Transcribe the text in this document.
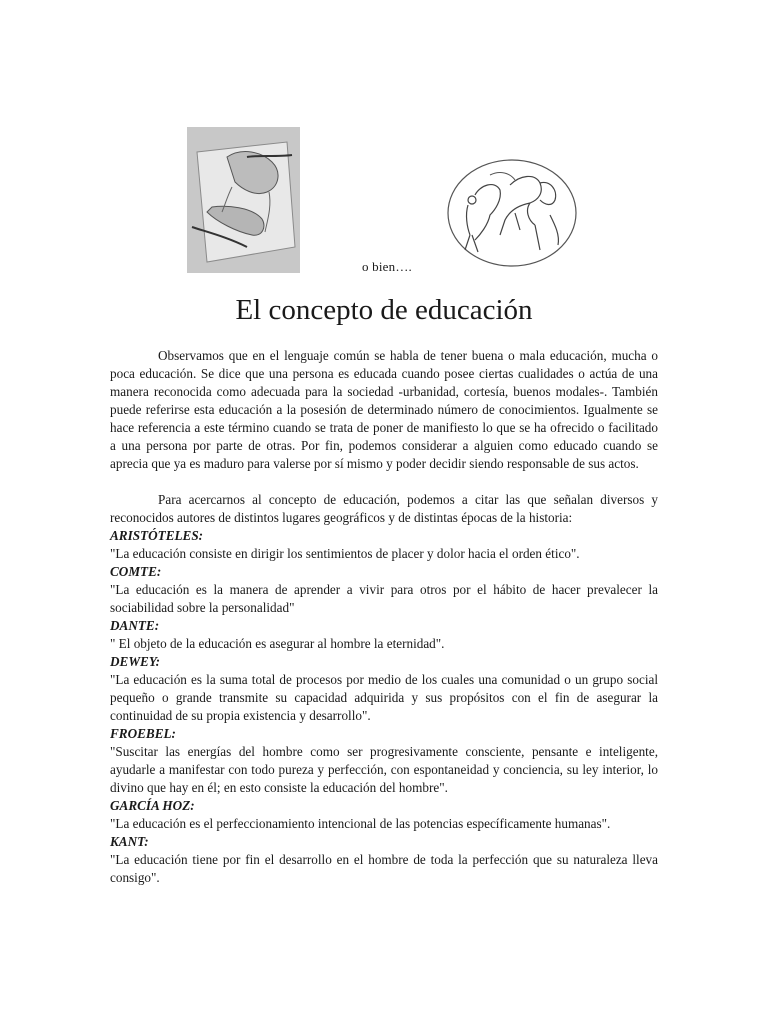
o bien….
El concepto de educación

Observamos que en el lenguaje común se habla de tener buena o mala educación, mucha o poca educación. Se dice que una persona es educada cuando posee ciertas cualidades o actúa de una manera reconocida como adecuada para la sociedad -urbanidad, cortesía, buenos modales-. También puede referirse esta educación a la posesión de determinado número de conocimientos. Igualmente se hace referencia a este término cuando se trata de poner de manifiesto lo que se ha ofrecido o facilitado a una persona por parte de otras. Por fin, podemos considerar a alguien como educado cuando se aprecia que ya es maduro para valerse por sí mismo y poder decidir siendo responsable de sus actos.

Para acercarnos al concepto de educación, podemos a citar las que señalan diversos y reconocidos autores de distintos lugares geográficos y de distintas épocas de la historia:

ARISTÓTELES:

"La educación consiste en dirigir los sentimientos de placer y dolor hacia el orden ético".

COMTE:

"La educación es la manera de aprender a vivir para otros por el hábito de hacer prevalecer la sociabilidad sobre la personalidad"

DANTE:

" El objeto de la educación es asegurar al hombre la eternidad".

DEWEY:

"La educación es la suma total de procesos por medio de los cuales una comunidad o un grupo social pequeño o grande transmite su capacidad adquirida y sus propósitos con el fin de asegurar la continuidad de su propia existencia y desarrollo".

FROEBEL:

"Suscitar las energías del hombre como ser progresivamente consciente, pensante e inteligente, ayudarle a manifestar con todo pureza y perfección, con espontaneidad y conciencia, su ley interior, lo divino que hay en él; en esto consiste la educación del hombre".

GARCÍA HOZ:

"La educación es el perfeccionamiento intencional de las potencias específicamente humanas".

KANT:

"La educación tiene por fin el desarrollo en el hombre de toda la perfección que su naturaleza lleva consigo".
